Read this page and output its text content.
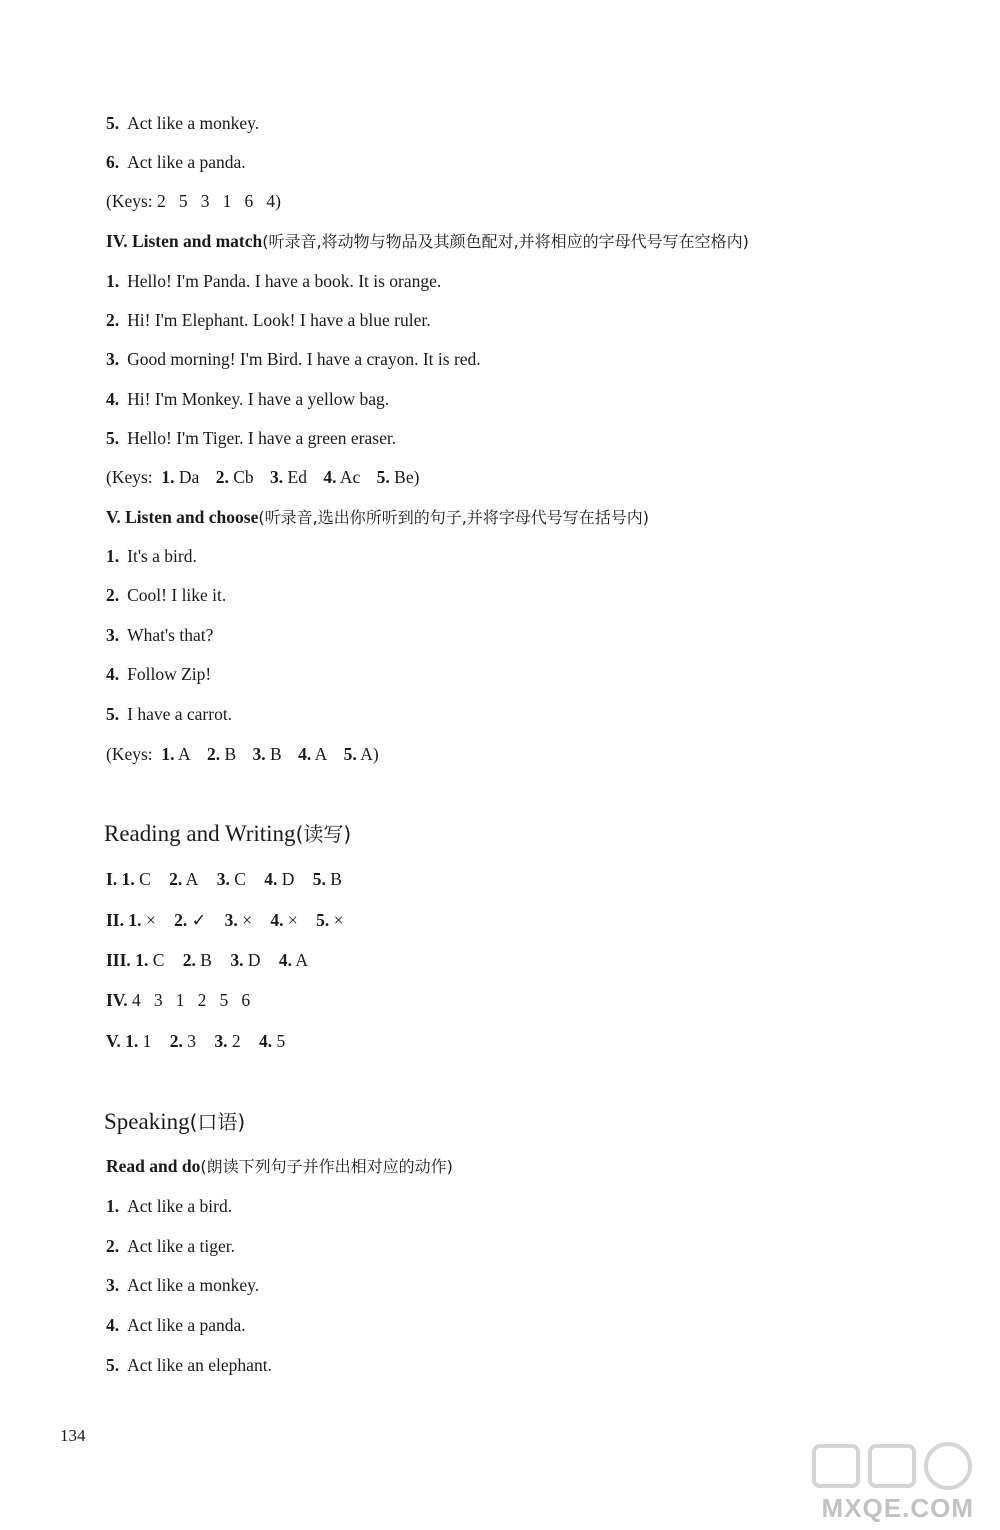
5. Act like a monkey.
6. Act like a panda.
(Keys: 2   5   3   1   6   4)
IV. Listen and match(听录音,将动物与物品及其颜色配对,并将相应的字母代号写在空格内)
1. Hello! I'm Panda. I have a book. It is orange.
2. Hi! I'm Elephant. Look! I have a blue ruler.
3. Good morning! I'm Bird. I have a crayon. It is red.
4. Hi! I'm Monkey. I have a yellow bag.
5. Hello! I'm Tiger. I have a green eraser.
(Keys:  1. Da 2. Cb 3. Ed 4. Ac 5. Be)
V. Listen and choose(听录音,选出你所听到的句子,并将字母代号写在括号内)
1. It's a bird.
2. Cool! I like it.
3. What's that?
4. Follow Zip!
5. I have a carrot.
(Keys:  1. A 2. B 3. B 4. A 5. A)
Reading and Writing(读写)
I. 1. C 2. A 3. C 4. D 5. B
II. 1. × 2. ✓ 3. × 4. × 5. ×
III. 1. C 2. B 3. D 4. A
IV. 4   3   1   2   5   6
V. 1. 1 2. 3 3. 2 4. 5
Speaking(口语)
Read and do(朗读下列句子并作出相对应的动作)
1. Act like a bird.
2. Act like a tiger.
3. Act like a monkey.
4. Act like a panda.
5. Act like an elephant.
134
MXQE.COM
